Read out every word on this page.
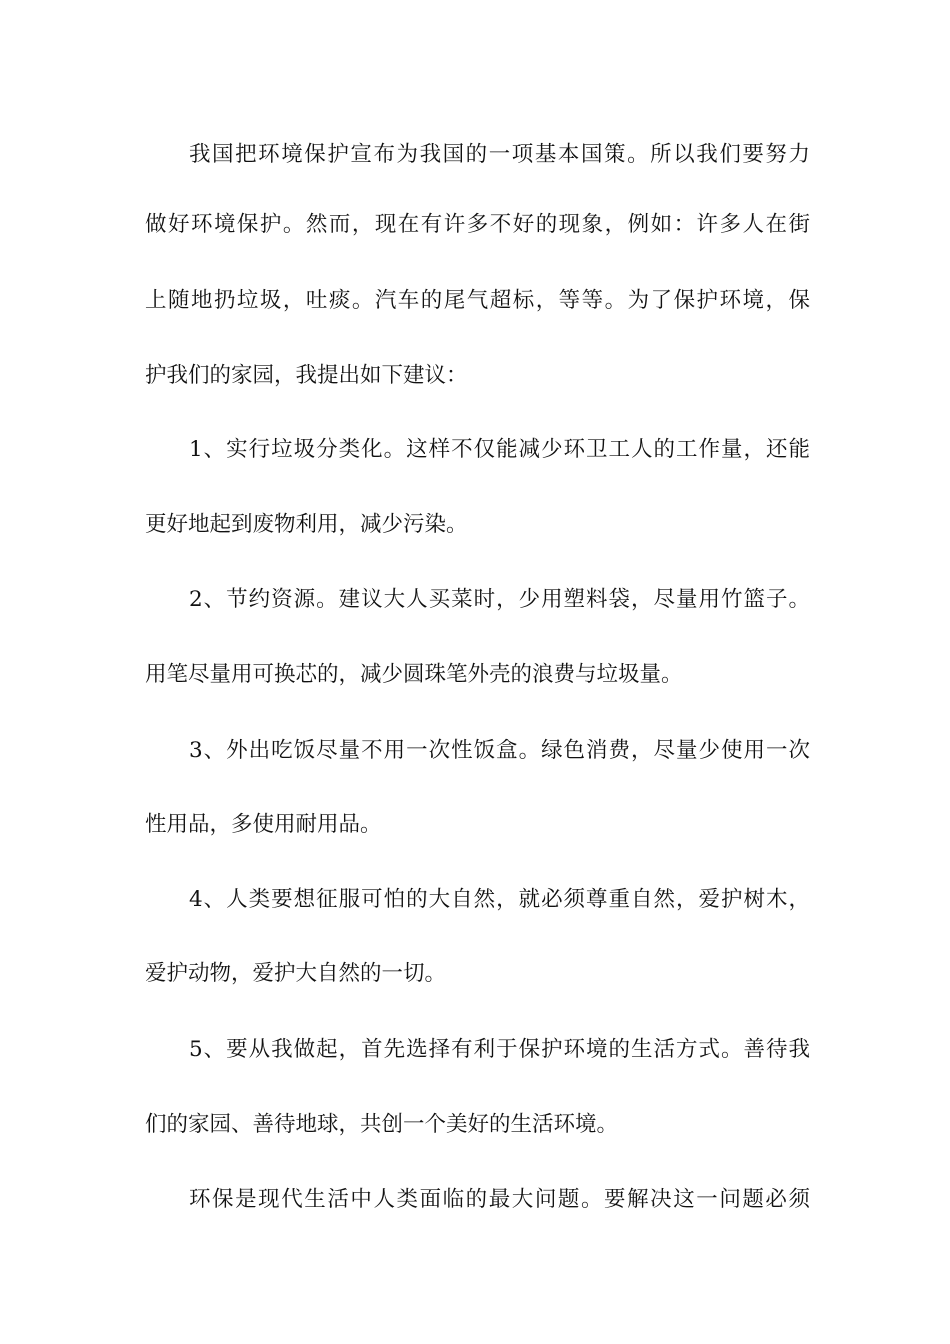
我国把环境保护宣布为我国的一项基本国策。所以我们要努力
做好环境保护。然而，现在有许多不好的现象，例如：许多人在街
上随地扔垃圾，吐痰。汽车的尾气超标，等等。为了保护环境，保
护我们的家园，我提出如下建议：
1、实行垃圾分类化。这样不仅能减少环卫工人的工作量，还能
更好地起到废物利用，减少污染。
2、节约资源。建议大人买菜时，少用塑料袋，尽量用竹篮子。
用笔尽量用可换芯的，减少圆珠笔外壳的浪费与垃圾量。
3、外出吃饭尽量不用一次性饭盒。绿色消费，尽量少使用一次
性用品，多使用耐用品。
4、人类要想征服可怕的大自然，就必须尊重自然，爱护树木，
爱护动物，爱护大自然的一切。
5、要从我做起，首先选择有利于保护环境的生活方式。善待我
们的家园、善待地球，共创一个美好的生活环境。
环保是现代生活中人类面临的最大问题。要解决这一问题必须
